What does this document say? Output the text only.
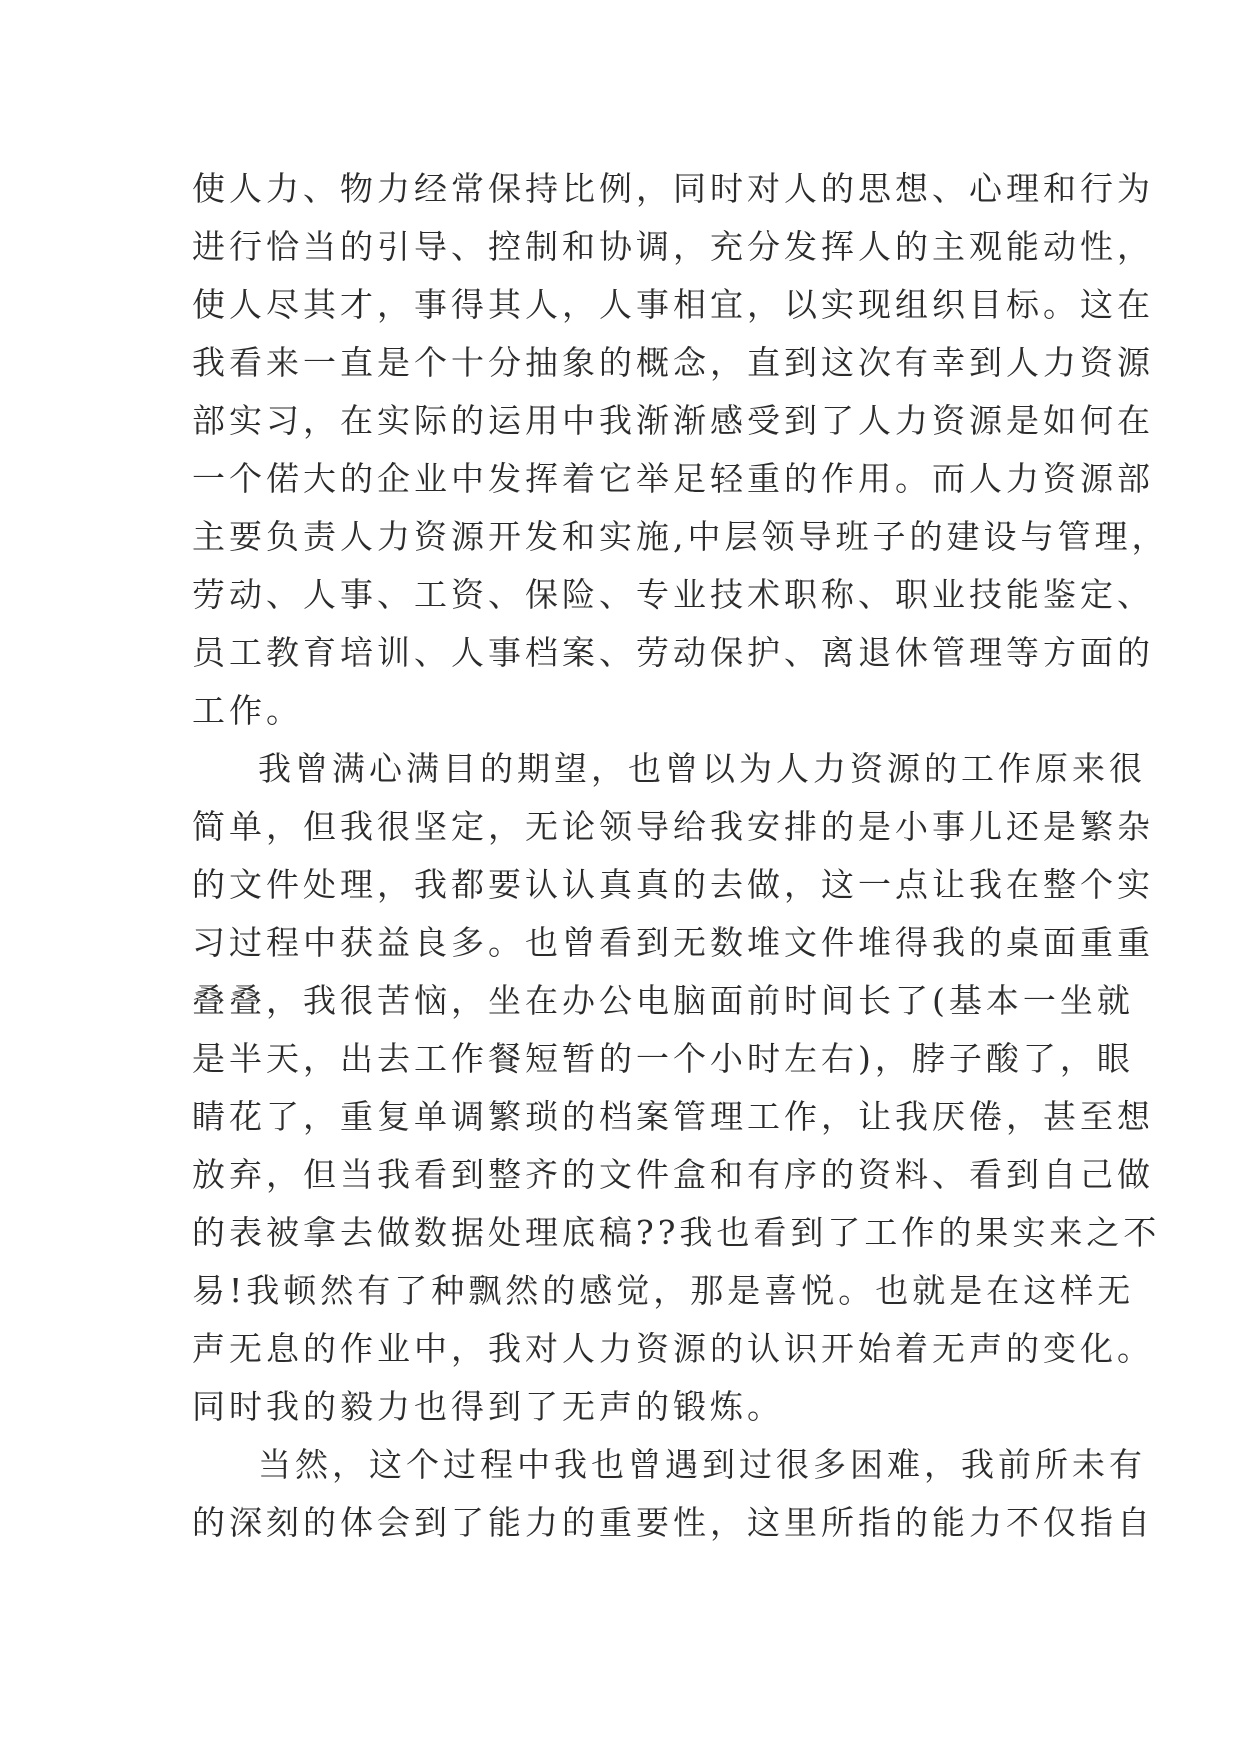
使人力、物力经常保持比例，同时对人的思想、心理和行为
进行恰当的引导、控制和协调，充分发挥人的主观能动性，
使人尽其才，事得其人，人事相宜，以实现组织目标。这在
我看来一直是个十分抽象的概念，直到这次有幸到人力资源
部实习，在实际的运用中我渐渐感受到了人力资源是如何在
一个偌大的企业中发挥着它举足轻重的作用。而人力资源部
主要负责人力资源开发和实施,中层领导班子的建设与管理，
劳动、人事、工资、保险、专业技术职称、职业技能鉴定、
员工教育培训、人事档案、劳动保护、离退休管理等方面的
工作。
我曾满心满目的期望，也曾以为人力资源的工作原来很
简单，但我很坚定，无论领导给我安排的是小事儿还是繁杂
的文件处理，我都要认认真真的去做，这一点让我在整个实
习过程中获益良多。也曾看到无数堆文件堆得我的桌面重重
叠叠，我很苦恼，坐在办公电脑面前时间长了(基本一坐就
是半天，出去工作餐短暂的一个小时左右)，脖子酸了，眼
睛花了，重复单调繁琐的档案管理工作，让我厌倦，甚至想
放弃，但当我看到整齐的文件盒和有序的资料、看到自己做
的表被拿去做数据处理底稿??我也看到了工作的果实来之不
易!我顿然有了种飘然的感觉，那是喜悦。也就是在这样无
声无息的作业中，我对人力资源的认识开始着无声的变化。
同时我的毅力也得到了无声的锻炼。
当然，这个过程中我也曾遇到过很多困难，我前所未有
的深刻的体会到了能力的重要性，这里所指的能力不仅指自
